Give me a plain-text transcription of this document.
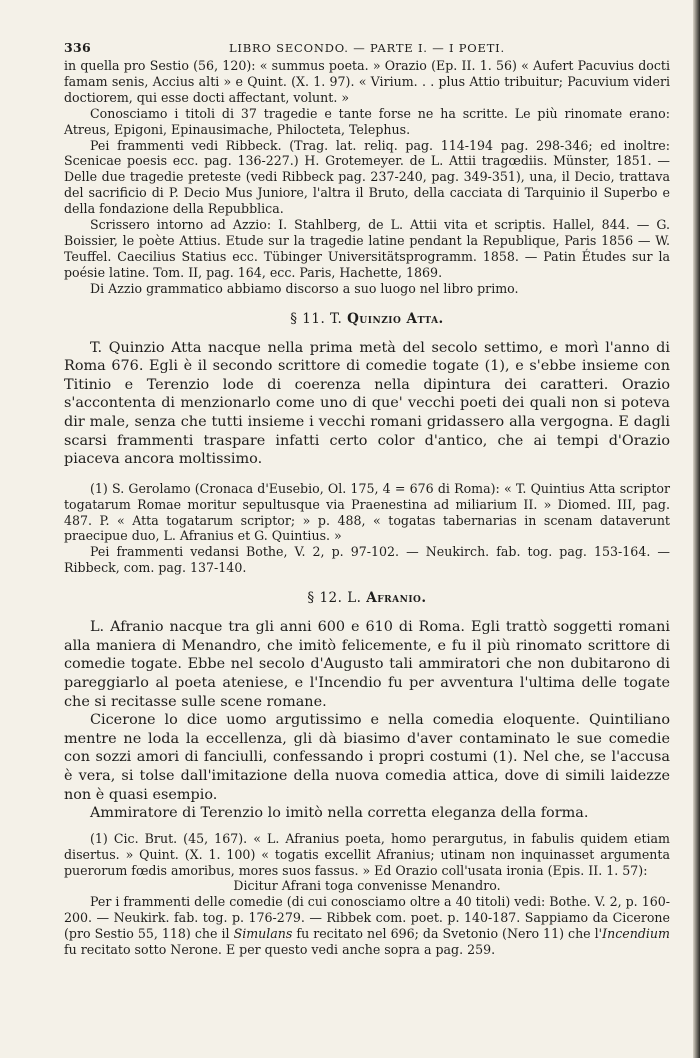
336	LIBRO SECONDO. — PARTE I. — I POETI.

in quella pro Sestio (56, 120): « summus poeta. » Orazio (Ep. II. 1. 56) « Aufert Pacuvius docti famam senis, Accius alti » e Quint. (X. 1. 97). « Virium. . . plus Attio tribuitur; Pacuvium videri doctiorem, qui esse docti affectant, volunt. »

Conosciamo i titoli di 37 tragedie e tante forse ne ha scritte. Le più rinomate erano: Atreus, Epigoni, Epinausimache, Philocteta, Telephus.

Pei frammenti vedi Ribbeck. (Trag. lat. reliq. pag. 114-194 pag. 298-346; ed inoltre: Scenicae poesis ecc. pag. 136-227.) H. Grotemeyer. de L. Attii tragœdiis. Münster, 1851. — Delle due tragedie preteste (vedi Ribbeck pag. 237-240, pag. 349-351), una, il Decio, trattava del sacrificio di P. Decio Mus Juniore, l'altra il Bruto, della cacciata di Tarquinio il Superbo e della fondazione della Repubblica.

Scrissero intorno ad Azzio: I. Stahlberg, de L. Attii vita et scriptis. Hallel, 844. — G. Boissier, le poète Attius. Etude sur la tragedie latine pendant la Republique, Paris 1856 — W. Teuffel. Caecilius Statius ecc. Tübinger Universitätsprogramm. 1858. — Patin Études sur la poésie latine. Tom. II, pag. 164, ecc. Paris, Hachette, 1869.

Di Azzio grammatico abbiamo discorso a suo luogo nel libro primo.

§ 11. T. Quinzio Atta.

T. Quinzio Atta nacque nella prima metà del secolo settimo, e morì l'anno di Roma 676. Egli è il secondo scrittore di comedie togate (1), e s'ebbe insieme con Titinio e Terenzio lode di coerenza nella dipintura dei caratteri. Orazio s'accontenta di menzionarlo come uno di que' vecchi poeti dei quali non si poteva dir male, senza che tutti insieme i vecchi romani gridassero alla vergogna. E dagli scarsi frammenti traspare infatti certo color d'antico, che ai tempi d'Orazio piaceva ancora moltissimo.

(1) S. Gerolamo (Cronaca d'Eusebio, Ol. 175, 4 = 676 di Roma): « T. Quintius Atta scriptor togatarum Romae moritur sepultusque via Praenestina ad miliarium II. » Diomed. III, pag. 487. P. « Atta togatarum scriptor; » p. 488, « togatas tabernarias in scenam dataverunt praecipue duo, L. Afranius et G. Quintius. »

Pei frammenti vedansi Bothe, V. 2, p. 97-102. — Neukirch. fab. tog. pag. 153-164. — Ribbeck, com. pag. 137-140.

§ 12. L. Afranio.

L. Afranio nacque tra gli anni 600 e 610 di Roma. Egli trattò soggetti romani alla maniera di Menandro, che imitò felicemente, e fu il più rinomato scrittore di comedie togate. Ebbe nel secolo d'Augusto tali ammiratori che non dubitarono di pareggiarlo al poeta ateniese, e l'Incendio fu per avventura l'ultima delle togate che si recitasse sulle scene romane.

Cicerone lo dice uomo argutissimo e nella comedia eloquente. Quintiliano mentre ne loda la eccellenza, gli dà biasimo d'aver contaminato le sue comedie con sozzi amori di fanciulli, confessando i propri costumi (1). Nel che, se l'accusa è vera, si tolse dall'imitazione della nuova comedia attica, dove di simili laidezze non è quasi esempio.

Ammiratore di Terenzio lo imitò nella corretta eleganza della forma.

(1) Cic. Brut. (45, 167). « L. Afranius poeta, homo perargutus, in fabulis quidem etiam disertus. » Quint. (X. 1. 100) « togatis excellit Afranius; utinam non inquinasset argumenta puerorum fœdis amoribus, mores suos fassus. » Ed Orazio coll'usata ironia (Epis. II. 1. 57):

Dicitur Afrani toga convenisse Menandro.

Per i frammenti delle comedie (di cui conosciamo oltre a 40 titoli) vedi: Bothe. V. 2, p. 160-200. — Neukirk. fab. tog. p. 176-279. — Ribbek com. poet. p. 140-187. Sappiamo da Cicerone (pro Sestio 55, 118) che il Simulans fu recitato nel 696; da Svetonio (Nero 11) che l'Incendium fu recitato sotto Nerone. E per questo vedi anche sopra a pag. 259.
